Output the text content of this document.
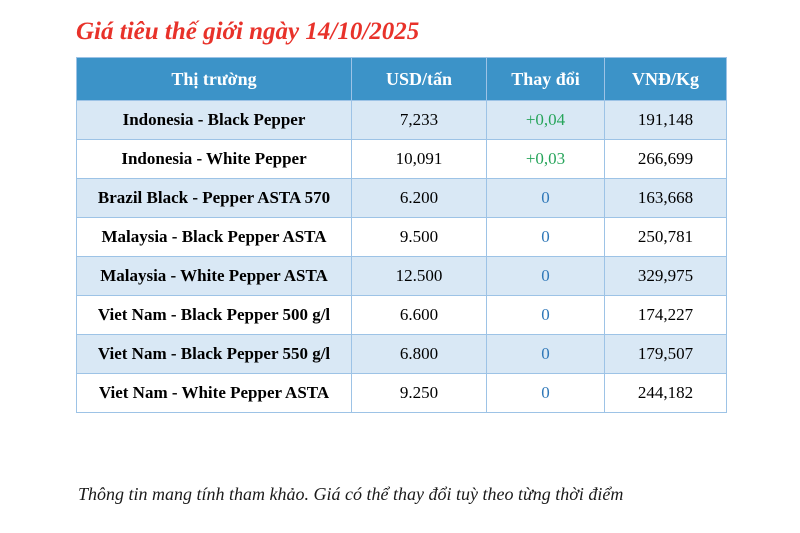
Giá tiêu thế giới ngày 14/10/2025
Thị trường	USD/tấn	Thay đổi	VNĐ/Kg
Indonesia - Black Pepper	7,233	+0,04	191,148
Indonesia - White Pepper	10,091	+0,03	266,699
Brazil Black - Pepper ASTA 570	6.200	0	163,668
Malaysia - Black Pepper ASTA	9.500	0	250,781
Malaysia - White Pepper ASTA	12.500	0	329,975
Viet Nam - Black Pepper 500 g/l	6.600	0	174,227
Viet Nam - Black Pepper 550 g/l	6.800	0	179,507
Viet Nam - White Pepper ASTA	9.250	0	244,182
Thông tin mang tính tham khảo. Giá có thể thay đổi tuỳ theo từng thời điểm
